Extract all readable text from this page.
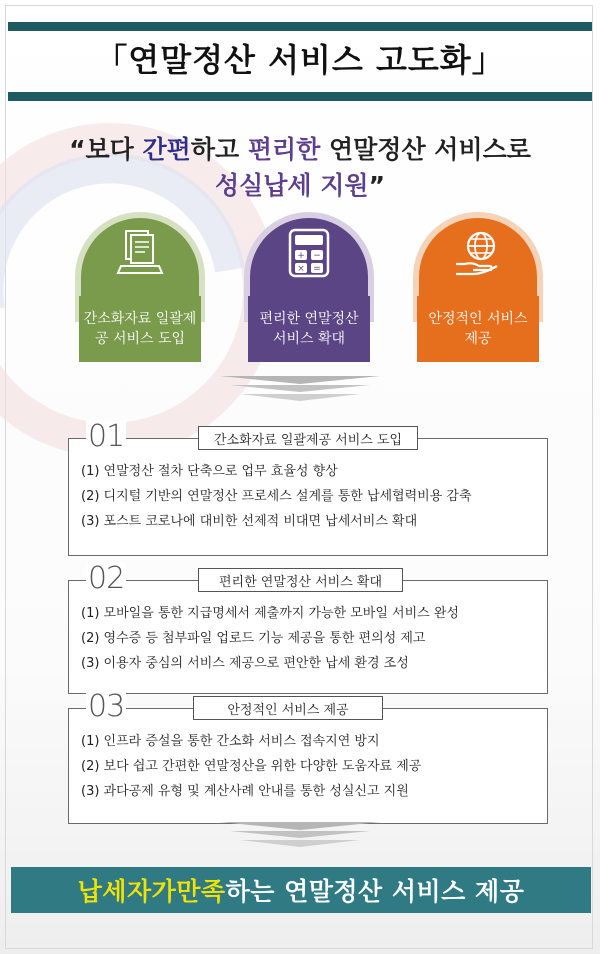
「연말정산 서비스 고도화」
“보다 간편하고 편리한 연말정산 서비스로
성실납세 지원”
간소화자료 일괄제공 서비스 도입
+ −
× =
편리한 연말정산 서비스 확대
안정적인 서비스 제공
(1) 연말정산 절차 단축으로 업무 효율성 향상
(2) 디지털 기반의 연말정산 프로세스 설계를 통한 납세협력비용 감축
(3) 포스트 코로나에 대비한 선제적 비대면 납세서비스 확대
01	간소화자료 일괄제공 서비스 도입
(1) 모바일을 통한 지급명세서 제출까지 가능한 모바일 서비스 완성
(2) 영수증 등 첨부파일 업로드 기능 제공을 통한 편의성 제고
(3) 이용자 중심의 서비스 제공으로 편안한 납세 환경 조성
02	편리한 연말정산 서비스 확대
(1) 인프라 증설을 통한 간소화 서비스 접속지연 방지
(2) 보다 쉽고 간편한 연말정산을 위한 다양한 도움자료 제공
(3) 과다공제 유형 및 계산사례 안내를 통한 성실신고 지원
03	안정적인 서비스 제공
납세자가 만족 하는 연말정산 서비스 제공
